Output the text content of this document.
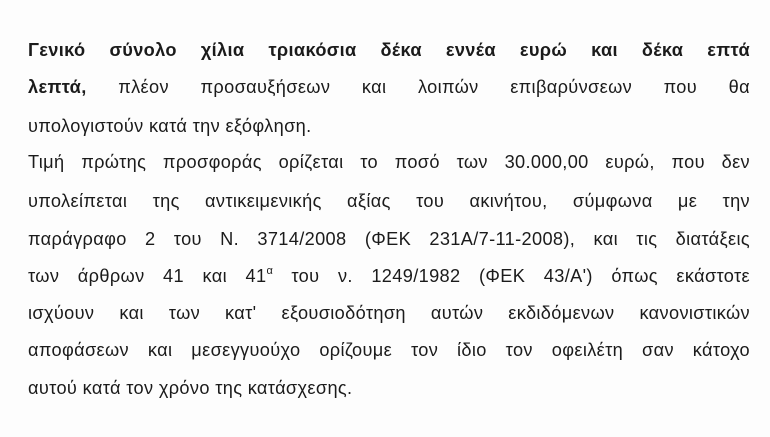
Γενικό σύνολο χίλια τριακόσια δέκα εννέα ευρώ και δέκα επτά
λεπτά, πλέον προσαυξήσεων και λοιπών επιβαρύνσεων που θα
υπολογιστούν κατά την εξόφληση.
Τιμή πρώτης προσφοράς ορίζεται το ποσό των 30.000,00 ευρώ, που δεν
υπολείπεται της αντικειμενικής αξίας του ακινήτου, σύμφωνα με την
παράγραφο 2 του Ν. 3714/2008 (ΦΕΚ 231Α/7-11-2008), και τις διατάξεις
των άρθρων 41 και $41^\alpha$ του ν. 1249/1982 (ΦΕΚ 43/Α') όπως εκάστοτε
ισχύουν και των κατ' εξουσιοδότηση αυτών εκδιδόμενων κανονιστικών
αποφάσεων και μεσεγγυούχο ορίζουμε τον ίδιο τον οφειλέτη σαν κάτοχο
αυτού κατά τον χρόνο της κατάσχεσης.
